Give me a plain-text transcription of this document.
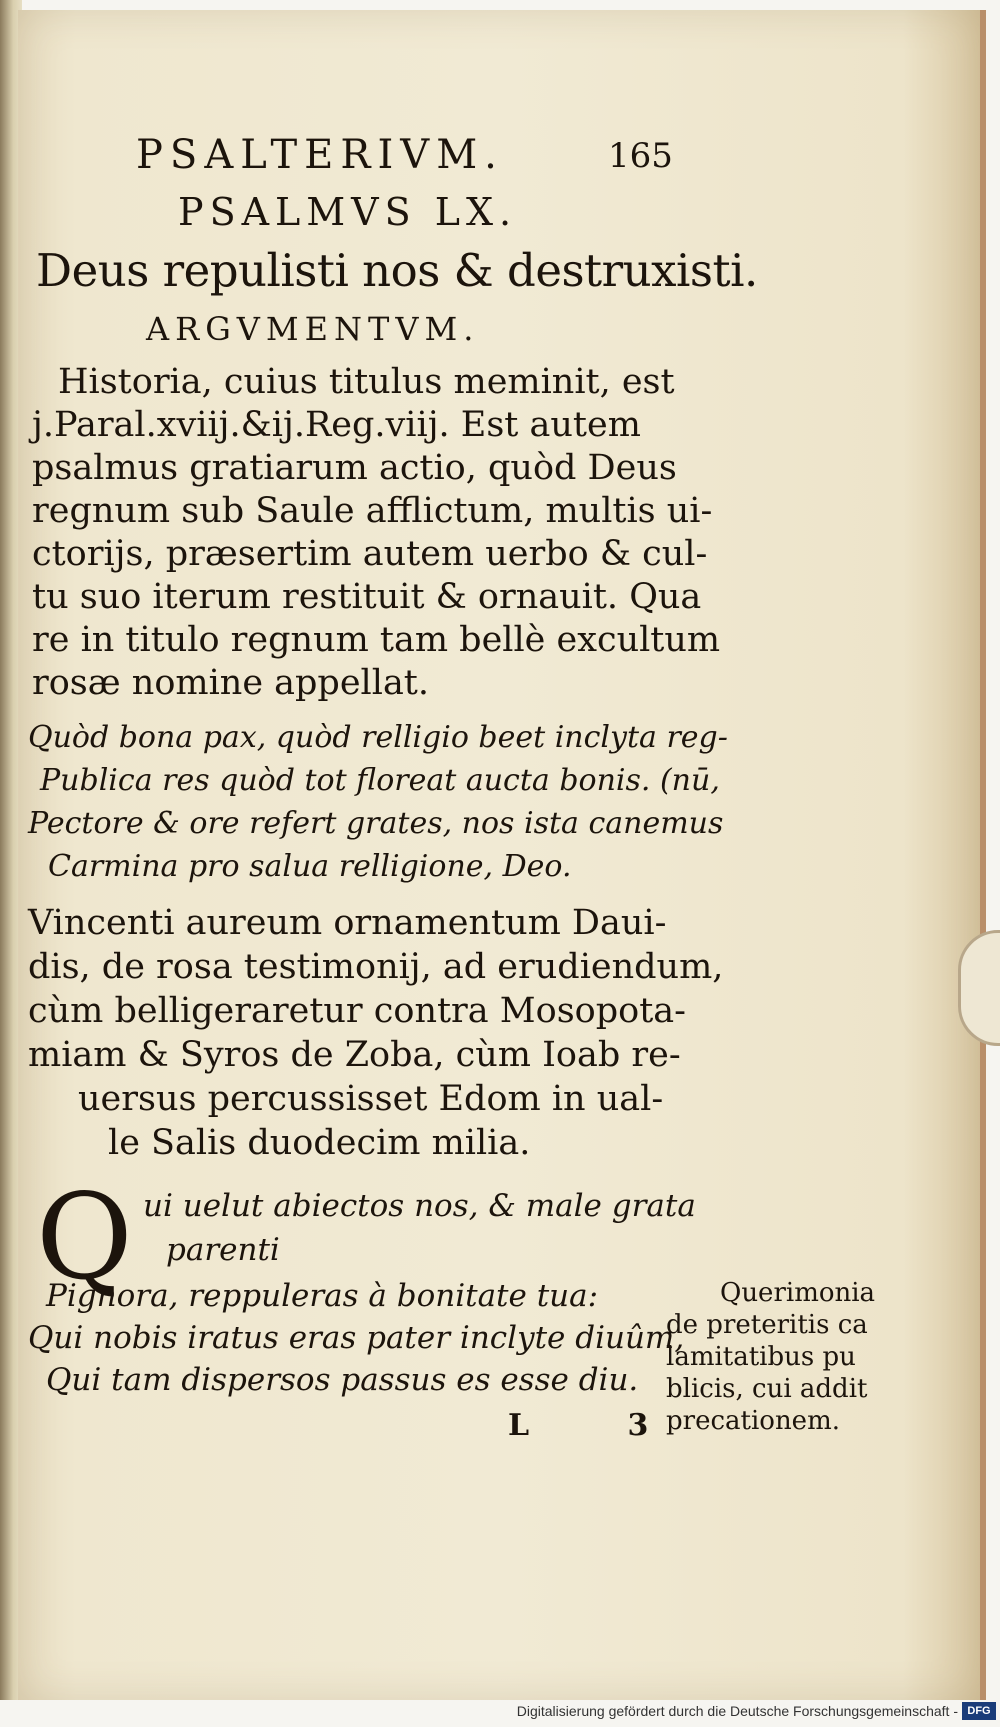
PSALTERIVM.	165
PSALMVS LX.
Deus repulisti nos & destruxisti.
ARGVMENTVM.
Historia, cuius titulus meminit, est
j.Paral.xviij.&ij.Reg.viij. Est autem
psalmus gratiarum actio, quòd Deus
regnum sub Saule afflictum, multis ui-
ctorijs, præsertim autem uerbo & cul-
tu suo iterum restituit & ornauit. Qua
re in titulo regnum tam bellè excultum
rosæ nomine appellat.
Quòd bona pax, quòd relligio beet inclyta reg-
Publica res quòd tot floreat aucta bonis. (nū,
Pectore & ore refert grates, nos ista canemus
Carmina pro salua relligione, Deo.
Vincenti aureum ornamentum Daui-
dis, de rosa testimonij, ad erudiendum,
cùm belligeraretur contra Mosopota-
miam & Syros de Zoba, cùm Ioab re-
uersus percussisset Edom in ual-
le Salis duodecim milia.
Q ui uelut abiectos nos, & male grata
parenti
Pignora, reppuleras à bonitate tua:
Qui nobis iratus eras pater inclyte diuûm,
Qui tam dispersos passus es esse diu.
Querimonia
de preteritis ca
lamitatibus pu
blicis, cui addit
precationem.
L 3
Digitalisierung gefördert durch die Deutsche Forschungsgemeinschaft - DFG
